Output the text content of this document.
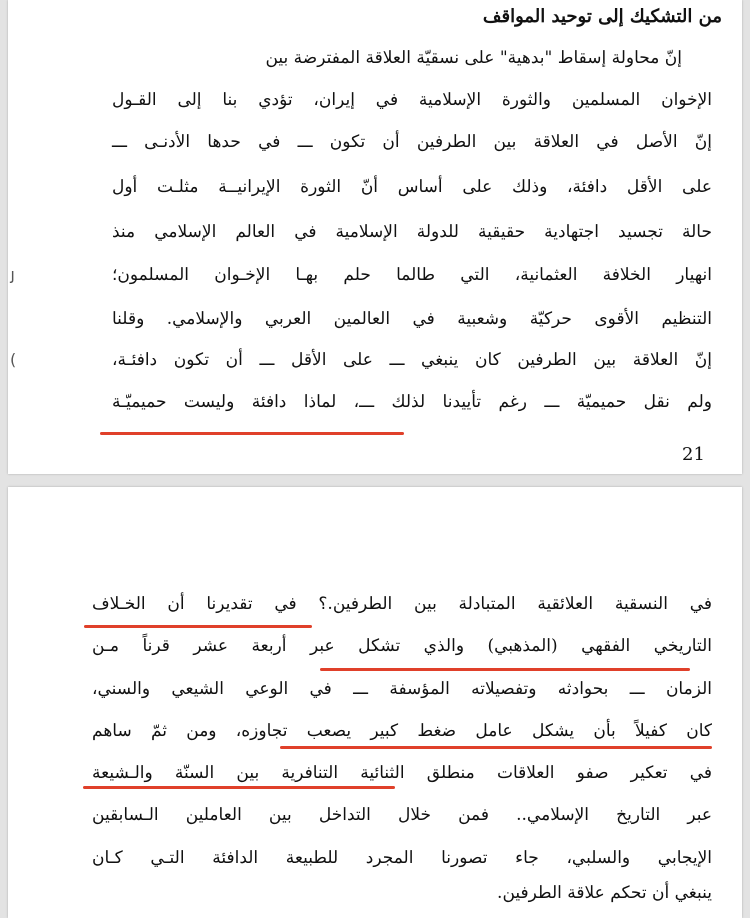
من التشكيك إلى توحيد المواقف
إنّ محاولة إسقاط "بدهية" على نسقيّة العلاقة المفترضة بين
الإخوان المسلمين والثورة الإسلامية في إيران، تؤدي بنا إلى القـول
إنّ الأصل في العلاقة بين الطرفين أن تكون ـــ في حدها الأدنـى ـــ
على الأقل دافئة، وذلك على أساس أنّ الثورة الإيرانيــة مثلـت أول
حالة تجسيد اجتهادية حقيقية للدولة الإسلامية في العالم الإسلامي منذ
انهيار الخلافة العثمانية، التي طالما حلم بهـا الإخـوان المسلمون؛
التنظيم الأقوى حركيّة وشعبية في العالمين العربي والإسلامي. وقلنا
إنّ العلاقة بين الطرفين كان ينبغي ـــ على الأقل ـــ أن تكون دافئـة،
ولم نقل حميميّة ـــ رغم تأييدنا لذلك ـــ، لماذا دافئة وليست حميميّـة
ﻟ
(
21
في النسقية العلائقية المتبادلة بين الطرفين.؟ في تقديرنا أن الخـلاف
التاريخي الفقهي (المذهبي) والذي تشكل عبر أربعة عشر قرناً مـن
الزمان ـــ بحوادثه وتفصيلاته المؤسفة ـــ في الوعي الشيعي والسني،
كان كفيلاً بأن يشكل عامل ضغط كبير يصعب تجاوزه، ومن ثمّ ساهم
في تعكير صفو العلاقات منطلق الثنائية التنافرية بين السنّة والـشيعة
عبر التاريخ الإسلامي.. فمن خلال التداخل بين العاملين الـسابقين
الإيجابي والسلبي، جاء تصورنا المجرد للطبيعة الدافئة التـي كـان
ينبغي أن تحكم علاقة الطرفين.
